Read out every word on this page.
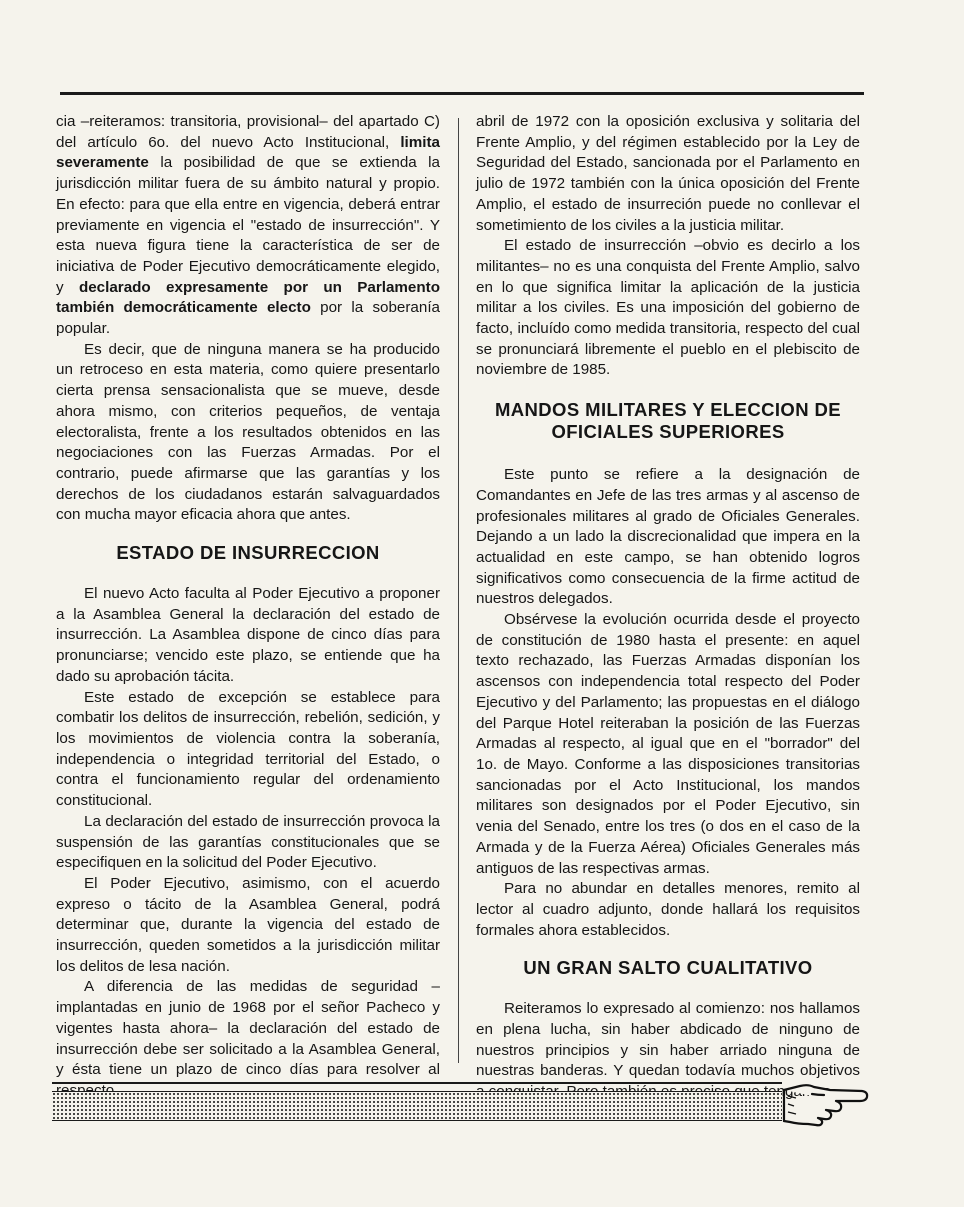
cia –reiteramos: transitoria, provisional– del apartado C) del artículo 6o. del nuevo Acto Institucional, limita severamente la posibilidad de que se extienda la jurisdicción militar fuera de su ámbito natural y propio. En efecto: para que ella entre en vigencia, deberá entrar previamente en vigencia el "estado de insurrección". Y esta nueva figura tiene la característica de ser de iniciativa de Poder Ejecutivo democráticamente elegido, y declarado expresamente por un Parlamento también democráticamente electo por la soberanía popular.

Es decir, que de ninguna manera se ha producido un retroceso en esta materia, como quiere presentarlo cierta prensa sensacionalista que se mueve, desde ahora mismo, con criterios pequeños, de ventaja electoralista, frente a los resultados obtenidos en las negociaciones con las Fuerzas Armadas. Por el contrario, puede afirmarse que las garantías y los derechos de los ciudadanos estarán salvaguardados con mucha mayor eficacia ahora que antes.

ESTADO DE INSURRECCION

El nuevo Acto faculta al Poder Ejecutivo a proponer a la Asamblea General la declaración del estado de insurrección. La Asamblea dispone de cinco días para pronunciarse; vencido este plazo, se entiende que ha dado su aprobación tácita.

Este estado de excepción se establece para combatir los delitos de insurrección, rebelión, sedición, y los movimientos de violencia contra la soberanía, independencia o integridad territorial del Estado, o contra el funcionamiento regular del ordenamiento constitucional.

La declaración del estado de insurrección provoca la suspensión de las garantías constitucionales que se especifiquen en la solicitud del Poder Ejecutivo.

El Poder Ejecutivo, asimismo, con el acuerdo expreso o tácito de la Asamblea General, podrá determinar que, durante la vigencia del estado de insurrección, queden sometidos a la jurisdicción militar los delitos de lesa nación.

A diferencia de las medidas de seguridad –implantadas en junio de 1968 por el señor Pacheco y vigentes hasta ahora– la declaración del estado de insurrección debe ser solicitado a la Asamblea General, y ésta tiene un plazo de cinco días para resolver al

abril de 1972 con la oposición exclusiva y solitaria del Frente Amplio, y del régimen establecido por la Ley de Seguridad del Estado, sancionada por el Parlamento en julio de 1972 también con la única oposición del Frente Amplio, el estado de insurreción puede no conllevar el sometimiento de los civiles a la justicia militar.

El estado de insurrección –obvio es decirlo a los militantes– no es una conquista del Frente Amplio, salvo en lo que significa limitar la aplicación de la justicia militar a los civiles. Es una imposición del gobierno de facto, incluído como medida transitoria, respecto del cual se pronunciará libremente el pueblo en el plebiscito de noviembre de 1985.

MANDOS MILITARES Y ELECCION DE OFICIALES SUPERIORES

Este punto se refiere a la designación de Comandantes en Jefe de las tres armas y al ascenso de profesionales militares al grado de Oficiales Generales. Dejando a un lado la discrecionalidad que impera en la actualidad en este campo, se han obtenido logros significativos como consecuencia de la firme actitud de nuestros delegados.

Obsérvese la evolución ocurrida desde el proyecto de constitución de 1980 hasta el presente: en aquel texto rechazado, las Fuerzas Armadas disponían los ascensos con independencia total respecto del Poder Ejecutivo y del Parlamento; las propuestas en el diálogo del Parque Hotel reiteraban la posición de las Fuerzas Armadas al respecto, al igual que en el "borrador" del 1o. de Mayo. Conforme a las disposiciones transitorias sancionadas por el Acto Institucional, los mandos militares son designados por el Poder Ejecutivo, sin venia del Senado, entre los tres (o dos en el caso de la Armada y de la Fuerza Aérea) Oficiales Generales más antiguos de las respectivas armas.

Para no abundar en detalles menores, remito al lector al cuadro adjunto, donde hallará los requisitos formales ahora establecidos.

UN GRAN SALTO CUALITATIVO

Reiteramos lo expresado al comienzo: nos hallamos en plena lucha, sin haber abdicado de ninguno de nuestros principios y sin haber arriado ninguna de nuestras banderas. Y quedan todavía muchos objetivos
